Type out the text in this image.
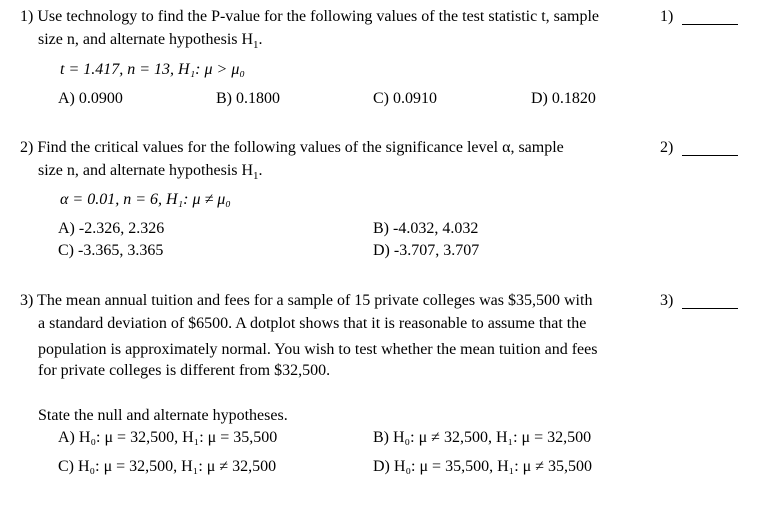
1) Use technology to find the P-value for the following values of the test statistic t, sample
size n, and alternate hypothesis $H_1$.
t = 1.417, n = 13, H₁: μ > μ₀
A) 0.0900	B) 0.1800	C) 0.0910	D) 0.1820
1)
2) Find the critical values for the following values of the significance level α, sample
size n, and alternate hypothesis $H_1$.
α = 0.01, n = 6, H₁: μ ≠ μ₀
A) -2.326, 2.326	B) -4.032, 4.032
C) -3.365, 3.365	D) -3.707, 3.707
2)
3) The mean annual tuition and fees for a sample of 15 private colleges was $35,500 with
a standard deviation of $6500. A dotplot shows that it is reasonable to assume that the
population is approximately normal. You wish to test whether the mean tuition and fees
for private colleges is different from $32,500.
State the null and alternate hypotheses.
A) H₀: μ = 32,500, H₁: μ = 35,500	B) H₀: μ ≠ 32,500, H₁: μ = 32,500
C) H₀: μ = 32,500, H₁: μ ≠ 32,500	D) H₀: μ = 35,500, H₁: μ ≠ 35,500
3)
